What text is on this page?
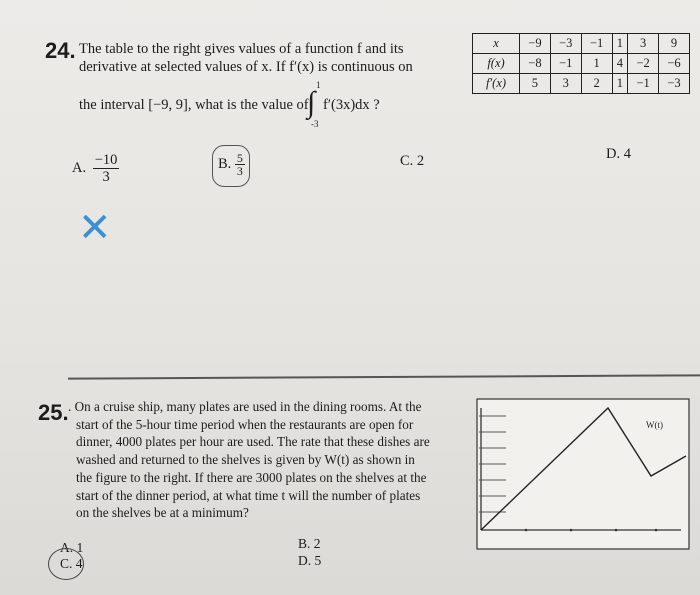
24. The table to the right gives values of a function f and its
derivative at selected values of x. If f′(x) is continuous on
the interval [−9, 9], what is the value of
1
∫
-3
f′(3x)dx ?
x	−9	−3	−1	1	3	9
f(x)	−8	−1	1	4	−2	−6
f′(x)	5	3	2	1	−1	−3
A. $\frac{-10}{3}$	B. $\frac{5}{3}$	C. 2	D. 4
✕
25. . On a cruise ship, many plates are used in the dining rooms. At the
start of the 5-hour time period when the restaurants are open for
dinner, 4000 plates per hour are used. The rate that these dishes are
washed and returned to the shelves is given by W(t) as shown in
the figure to the right. If there are 3000 plates on the shelves at the
start of the dinner period, at what time t will the number of plates
on the shelves be at a minimum?
A. 1
C. 4
B. 2
D. 5
W(t)
